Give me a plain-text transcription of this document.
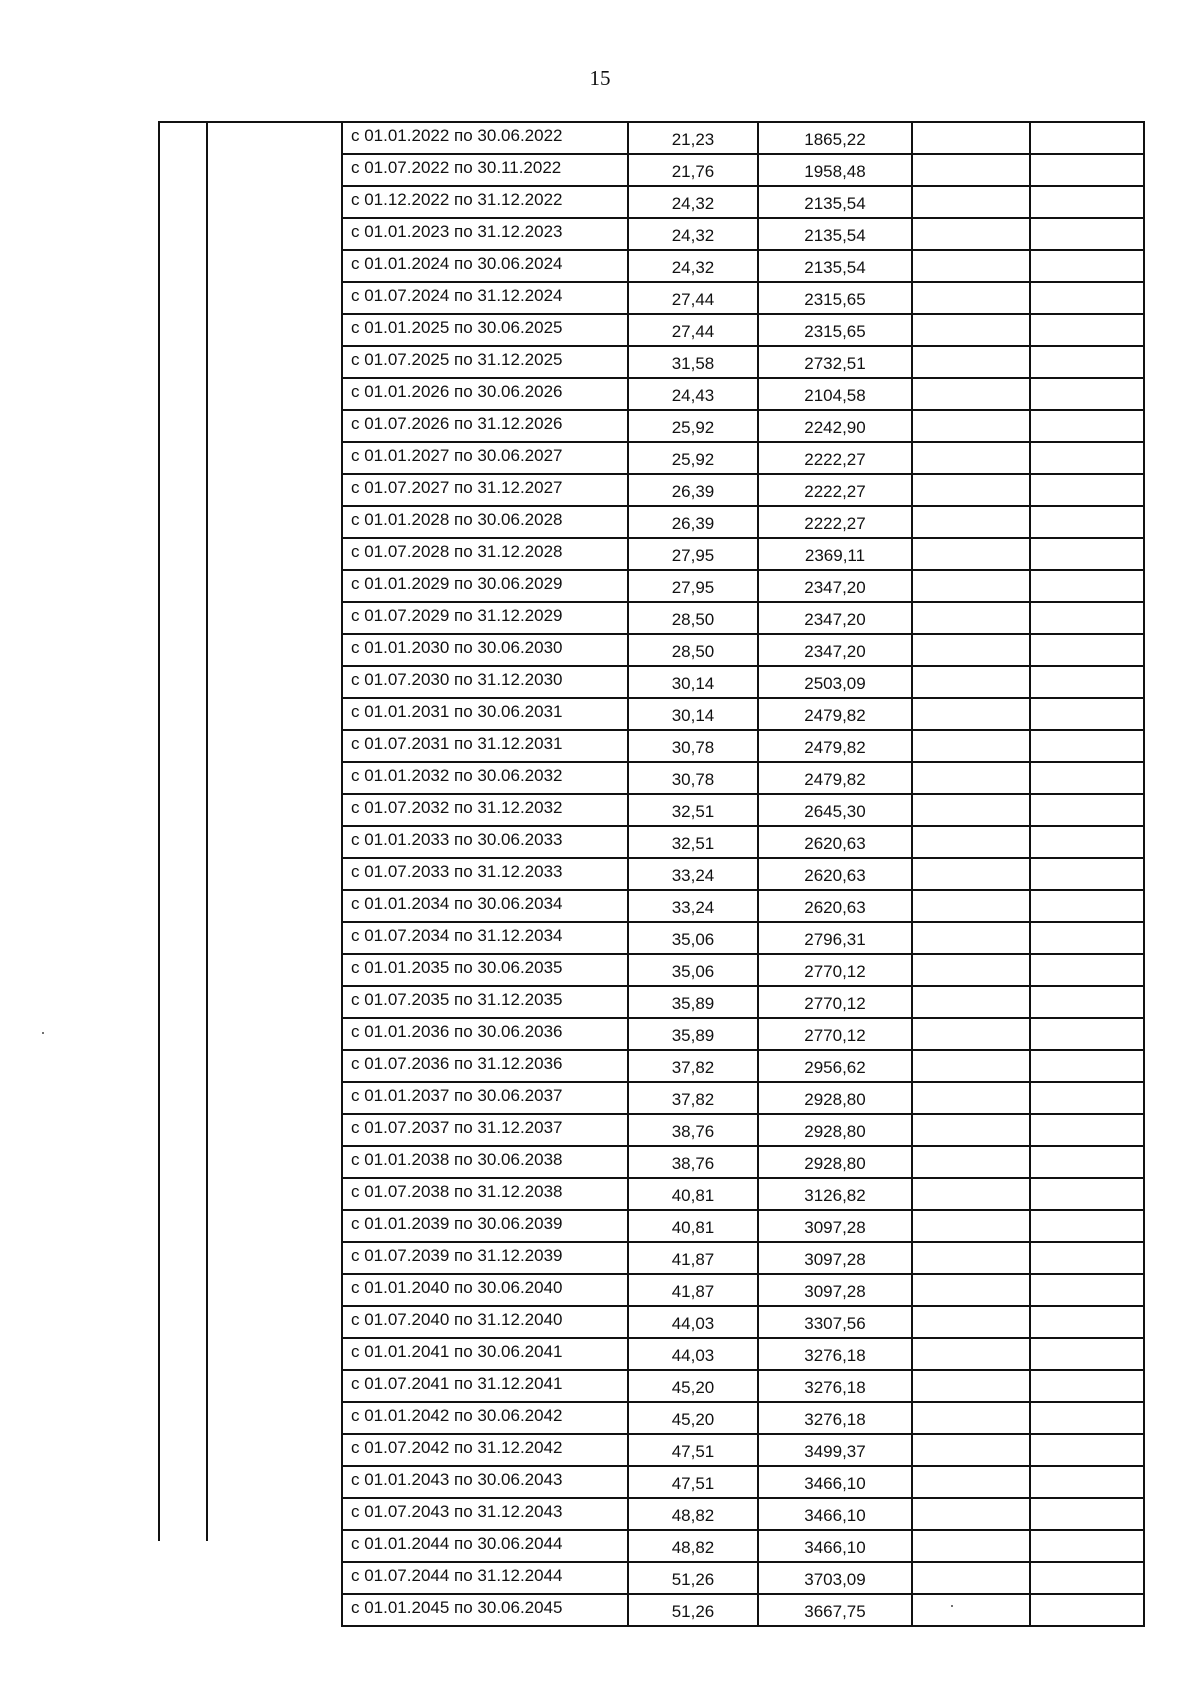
15
с 01.01.2022 по 30.06.2022	21,23	1865,22		
с 01.07.2022 по 30.11.2022	21,76	1958,48		
с 01.12.2022 по 31.12.2022	24,32	2135,54		
с 01.01.2023 по 31.12.2023	24,32	2135,54		
с 01.01.2024 по 30.06.2024	24,32	2135,54		
с 01.07.2024 по 31.12.2024	27,44	2315,65		
с 01.01.2025 по 30.06.2025	27,44	2315,65		
с 01.07.2025 по 31.12.2025	31,58	2732,51		
с 01.01.2026 по 30.06.2026	24,43	2104,58		
с 01.07.2026 по 31.12.2026	25,92	2242,90		
с 01.01.2027 по 30.06.2027	25,92	2222,27		
с 01.07.2027 по 31.12.2027	26,39	2222,27		
с 01.01.2028 по 30.06.2028	26,39	2222,27		
с 01.07.2028 по 31.12.2028	27,95	2369,11		
с 01.01.2029 по 30.06.2029	27,95	2347,20		
с 01.07.2029 по 31.12.2029	28,50	2347,20		
с 01.01.2030 по 30.06.2030	28,50	2347,20		
с 01.07.2030 по 31.12.2030	30,14	2503,09		
с 01.01.2031 по 30.06.2031	30,14	2479,82		
с 01.07.2031 по 31.12.2031	30,78	2479,82		
с 01.01.2032 по 30.06.2032	30,78	2479,82		
с 01.07.2032 по 31.12.2032	32,51	2645,30		
с 01.01.2033 по 30.06.2033	32,51	2620,63		
с 01.07.2033 по 31.12.2033	33,24	2620,63		
с 01.01.2034 по 30.06.2034	33,24	2620,63		
с 01.07.2034 по 31.12.2034	35,06	2796,31		
с 01.01.2035 по 30.06.2035	35,06	2770,12		
с 01.07.2035 по 31.12.2035	35,89	2770,12		
с 01.01.2036 по 30.06.2036	35,89	2770,12		
с 01.07.2036 по 31.12.2036	37,82	2956,62		
с 01.01.2037 по 30.06.2037	37,82	2928,80		
с 01.07.2037 по 31.12.2037	38,76	2928,80		
с 01.01.2038 по 30.06.2038	38,76	2928,80		
с 01.07.2038 по 31.12.2038	40,81	3126,82		
с 01.01.2039 по 30.06.2039	40,81	3097,28		
с 01.07.2039 по 31.12.2039	41,87	3097,28		
с 01.01.2040 по 30.06.2040	41,87	3097,28		
с 01.07.2040 по 31.12.2040	44,03	3307,56		
с 01.01.2041 по 30.06.2041	44,03	3276,18		
с 01.07.2041 по 31.12.2041	45,20	3276,18		
с 01.01.2042 по 30.06.2042	45,20	3276,18		
с 01.07.2042 по 31.12.2042	47,51	3499,37		
с 01.01.2043 по 30.06.2043	47,51	3466,10		
с 01.07.2043 по 31.12.2043	48,82	3466,10		
с 01.01.2044 по 30.06.2044	48,82	3466,10		
с 01.07.2044 по 31.12.2044	51,26	3703,09		
с 01.01.2045 по 30.06.2045	51,26	3667,75		
